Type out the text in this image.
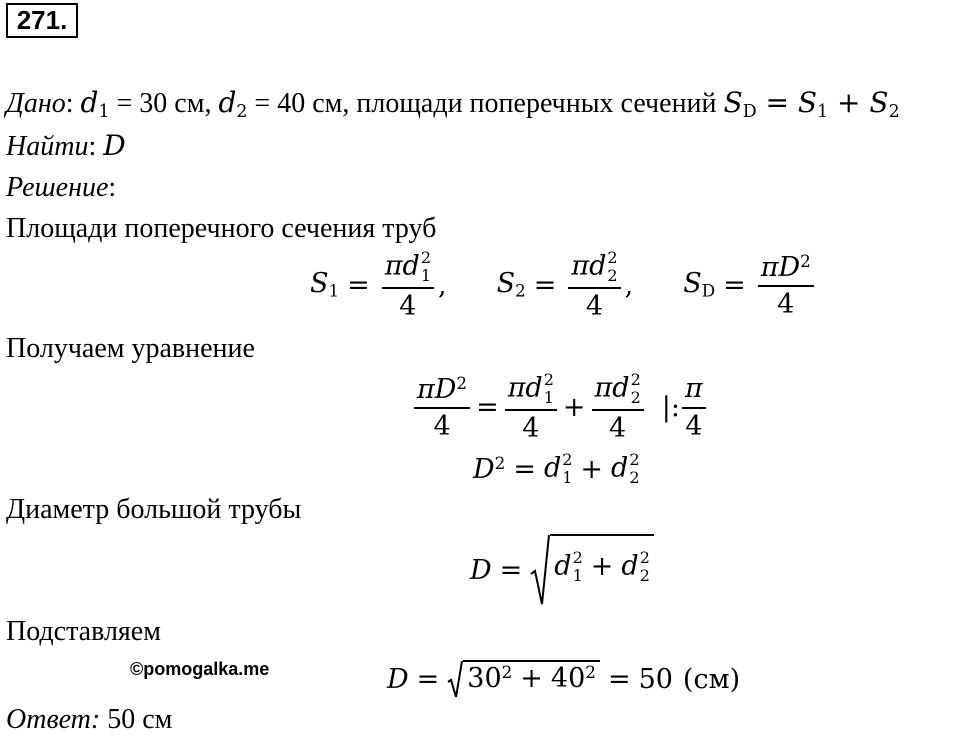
271.
Дано: $d_1 = 30$ см, $d_2 = 40$ см, площади поперечных сечений $S_D = S_1 + S_2$
Найти: D
Решение:
Площади поперечного сечения труб
$S_1 = \pi d$ 2
1
4 , $S_2 = \pi d$ 2
2
4 , $S_D = \frac{\pi D^2}{4}$
Получаем уравнение
$\frac{\pi D^2}{4} = \pi d$ 2
1
4 + πd 2
2
4 |: $\frac{\pi}{4}$
$D^2 = d$ 2
1 + d 2
2
Диаметр большой трубы
D = d 2
1 + d 2
2
Подставляем
©pomogalka.me	$D = 30^2 + 40^2 = 50$ (см)
Ответ: 50 см
